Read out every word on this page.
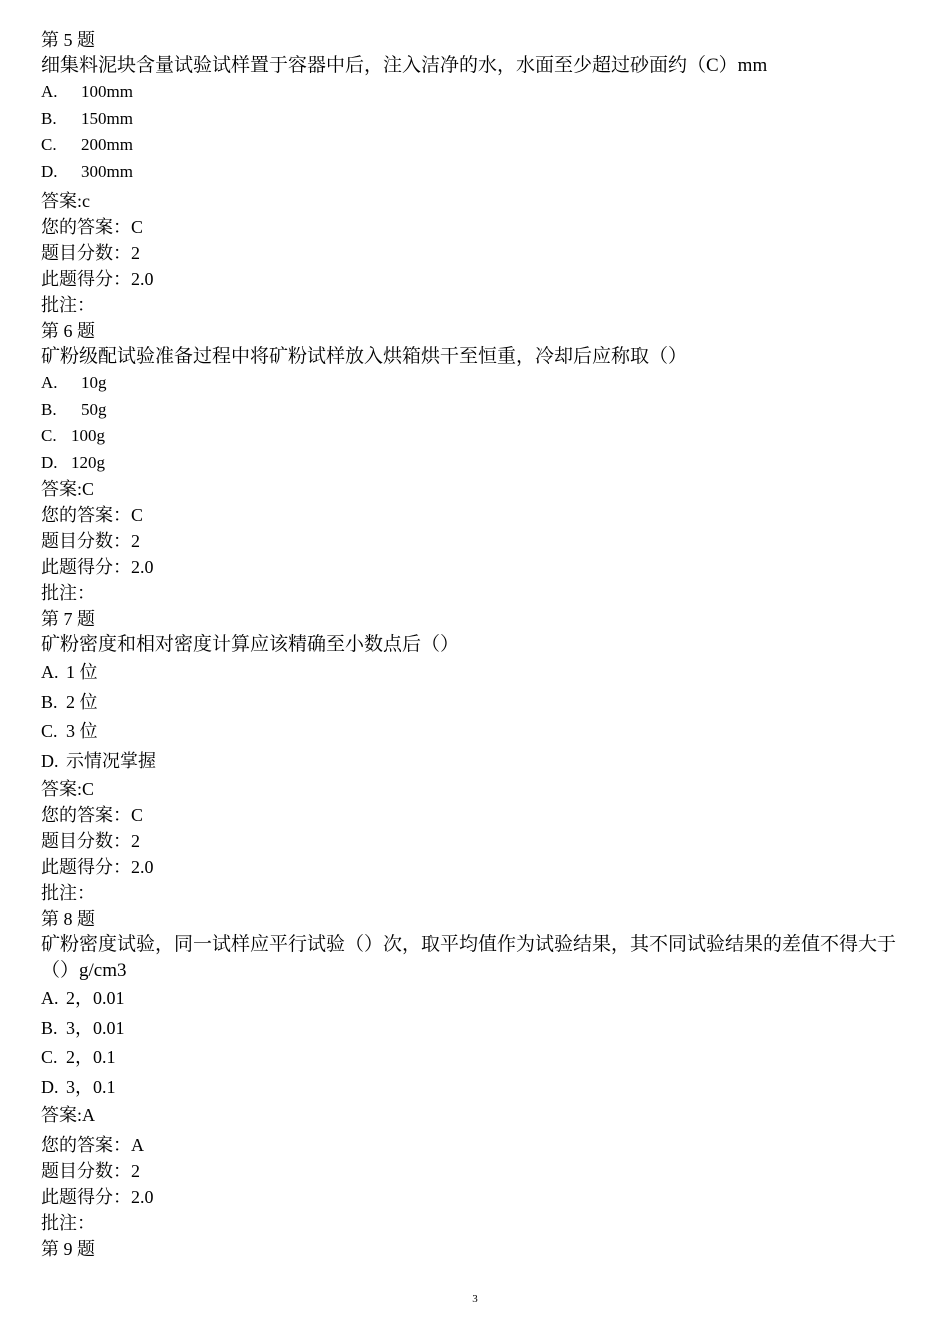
第 5 题
细集料泥块含量试验试样置于容器中后，注入洁净的水，水面至少超过砂面约（C）mm
A. 100mm
B. 150mm
C. 200mm
D. 300mm
答案:c
您的答案：C
题目分数：2
此题得分：2.0
批注：
第 6 题
矿粉级配试验准备过程中将矿粉试样放入烘箱烘干至恒重，冷却后应称取（）
A. 10g
B. 50g
C. 100g
D. 120g
答案:C
您的答案：C
题目分数：2
此题得分：2.0
批注：
第 7 题
矿粉密度和相对密度计算应该精确至小数点后（）
A. 1 位
B. 2 位
C. 3 位
D. 示情况掌握
答案:C
您的答案：C
题目分数：2
此题得分：2.0
批注：
第 8 题
矿粉密度试验，同一试样应平行试验（）次，取平均值作为试验结果，其不同试验结果的差值不得大于（）g/cm3
A. 2，0.01
B. 3，0.01
C. 2，0.1
D. 3，0.1
答案:A
您的答案：A
题目分数：2
此题得分：2.0
批注：
第 9 题
3
